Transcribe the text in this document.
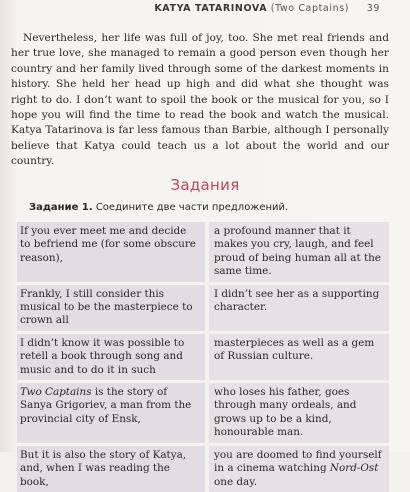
KATYA TATARINOVA (Two Captains) 39

Nevertheless, her life was full of joy, too. She met real friends and her true love, she managed to remain a good person even though her country and her family lived through some of the darkest moments in history. She held her head up high and did what she thought was right to do. I don’t want to spoil the book or the musical for you, so I hope you will find the time to read the book and watch the musical. Katya Tatarinova is far less famous than Barbie, although I personally believe that Katya could teach us a lot about the world and our country.

Задания
Задание 1. Соедините две части предложений.
If you ever meet me and decide to befriend me (for some obscure reason),	a profound manner that it makes you cry, laugh, and feel proud of being human all at the same time.
Frankly, I still consider this musical to be the masterpiece to crown all	I didn’t see her as a supporting character.
I didn’t know it was possible to retell a book through song and music and to do it in such	masterpieces as well as a gem of Russian culture.
Two Captains is the story of Sanya Grigoriev, a man from the provincial city of Ensk,	who loses his father, goes through many ordeals, and grows up to be a kind, honourable man.
But it is also the story of Katya, and, when I was reading the book,	you are doomed to find yourself in a cinema watching Nord-Ost one day.
